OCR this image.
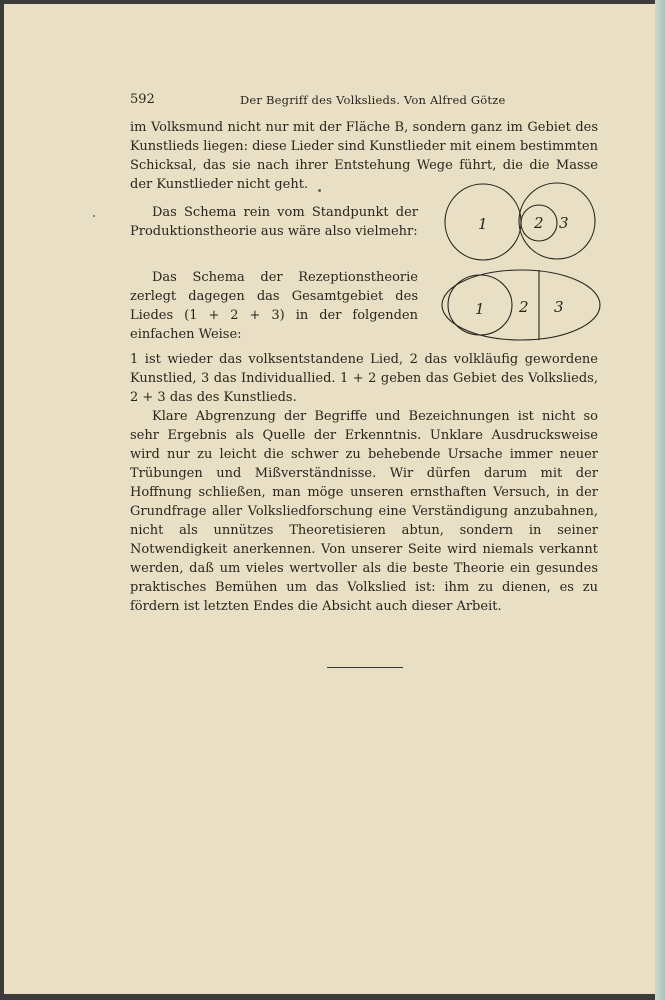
592	Der Begriff des Volkslieds. Von Alfred Götze
im Volksmund nicht nur mit der Fläche B, sondern ganz im Gebiet des Kunstlieds liegen: diese Lieder sind Kunstlieder mit einem bestimmten Schicksal, das sie nach ihrer Entstehung Wege führt, die die Masse der Kunstlieder nicht geht.
Das Schema rein vom Standpunkt der Produktionstheorie aus wäre also vielmehr:
Das Schema der Rezeptionstheorie zerlegt dagegen das Gesamtgebiet des Liedes (1 + 2 + 3) in der folgenden einfachen Weise:
1	2 3
1 2 3

1 ist wieder das volksentstandene Lied, 2 das volkläufig gewordene Kunstlied, 3 das Individuallied. 1 + 2 geben das Gebiet des Volkslieds, 2 + 3 das des Kunstlieds.

Klare Abgrenzung der Begriffe und Bezeichnungen ist nicht so sehr Ergebnis als Quelle der Erkenntnis. Unklare Ausdrucksweise wird nur zu leicht die schwer zu behebende Ursache immer neuer Trübungen und Mißverständnisse. Wir dürfen darum mit der Hoffnung schließen, man möge unseren ernsthaften Versuch, in der Grundfrage aller Volksliedforschung eine Verständigung anzubahnen, nicht als unnützes Theoretisieren abtun, sondern in seiner Notwendigkeit anerkennen. Von unserer Seite wird niemals verkannt werden, daß um vieles wertvoller als die beste Theorie ein gesundes praktisches Bemühen um das Volkslied ist: ihm zu dienen, es zu fördern ist letzten Endes die Absicht auch dieser Arbeit.
